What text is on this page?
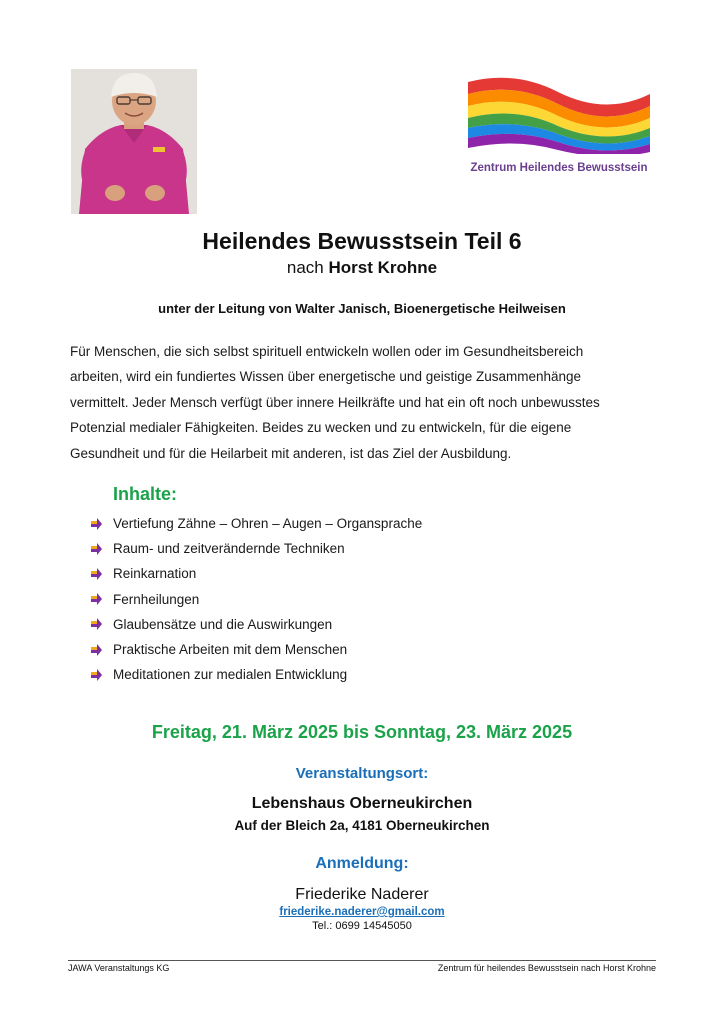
Zentrum Heilendes Bewusstsein
Heilendes Bewusstsein Teil 6
nach Horst Krohne
unter der Leitung von Walter Janisch, Bioenergetische Heilweisen

Für Menschen, die sich selbst spirituell entwickeln wollen oder im Gesundheitsbereich

arbeiten, wird ein fundiertes Wissen über energetische und geistige Zusammenhänge

vermittelt. Jeder Mensch verfügt über innere Heilkräfte und hat ein oft noch unbewusstes

Potenzial medialer Fähigkeiten. Beides zu wecken und zu entwickeln, für die eigene

Gesundheit und für die Heilarbeit mit anderen, ist das Ziel der Ausbildung.

Inhalte:
Vertiefung Zähne – Ohren – Augen – Organsprache
Raum- und zeitverändernde Techniken
Reinkarnation
Fernheilungen
Glaubensätze und die Auswirkungen
Praktische Arbeiten mit dem Menschen
Meditationen zur medialen Entwicklung
Freitag, 21. März 2025 bis Sonntag, 23. März 2025
Veranstaltungsort:
Lebenshaus Oberneukirchen
Auf der Bleich 2a, 4181 Oberneukirchen
Anmeldung:
Friederike Naderer
friederike.naderer@gmail.com
Tel.: 0699 14545050
JAWA Veranstaltungs KG	Zentrum für heilendes Bewusstsein nach Horst Krohne
